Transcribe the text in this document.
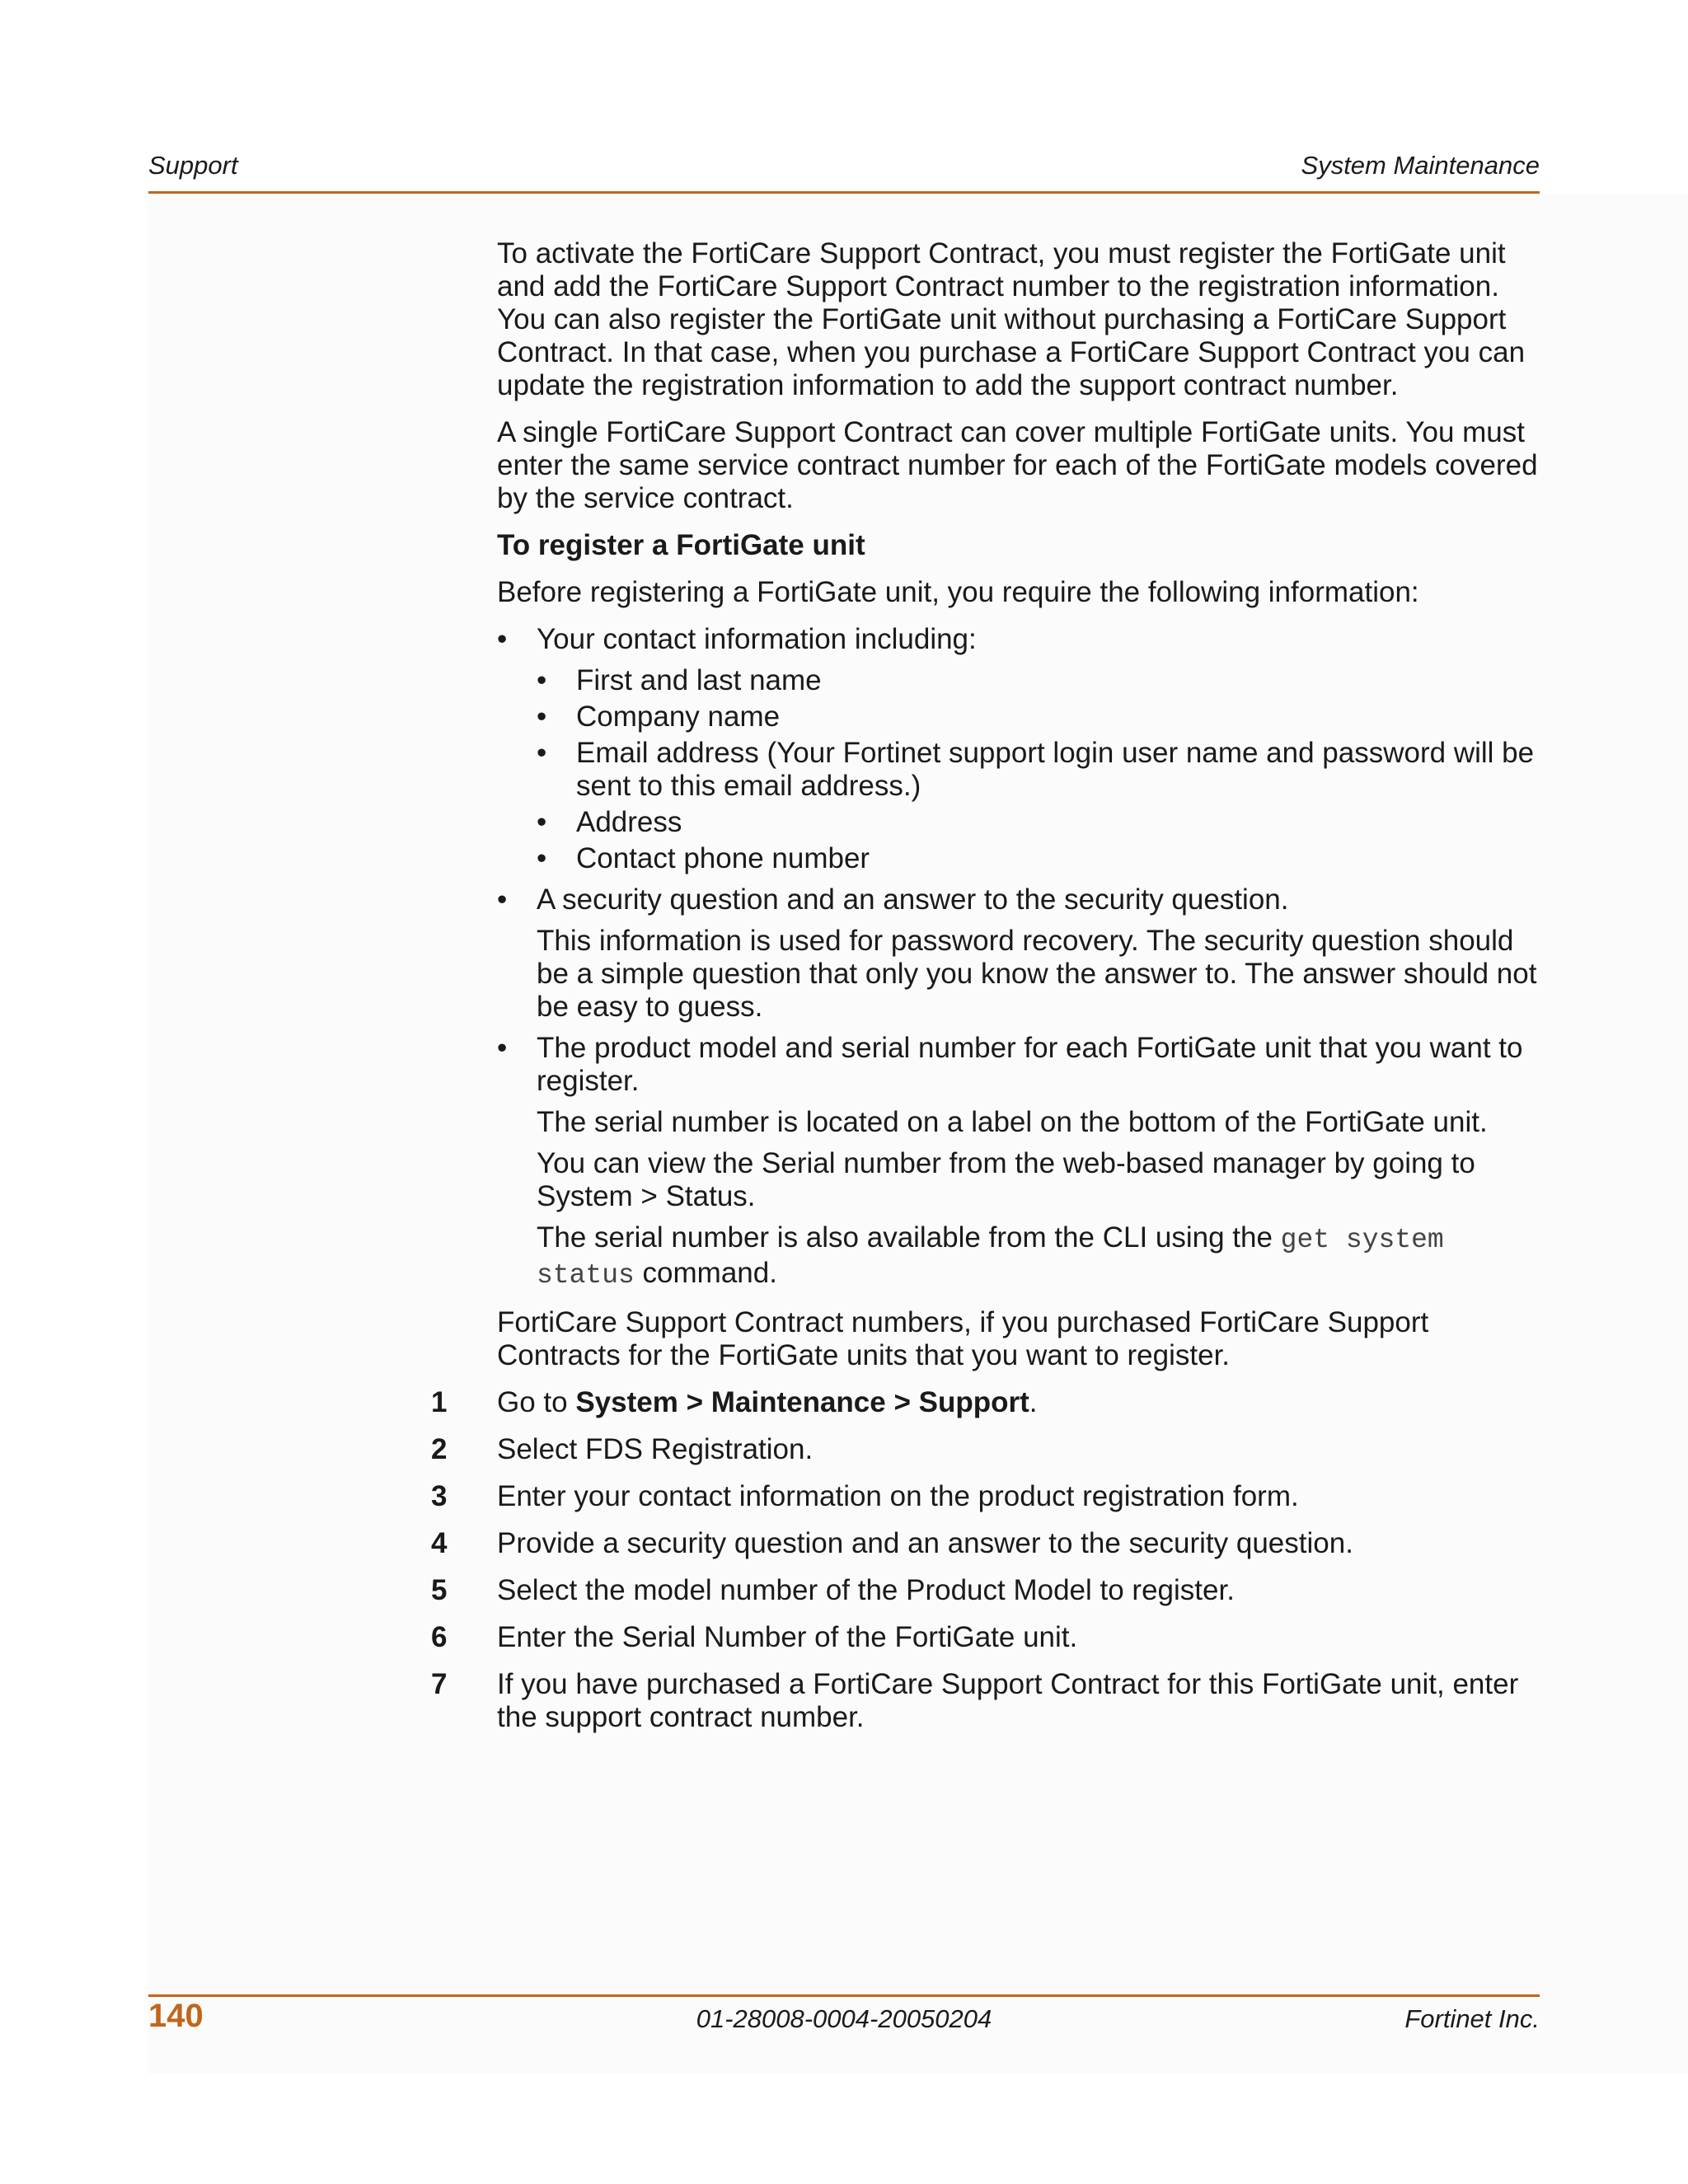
Support	System Maintenance

To activate the FortiCare Support Contract, you must register the FortiGate unit and add the FortiCare Support Contract number to the registration information. You can also register the FortiGate unit without purchasing a FortiCare Support Contract. In that case, when you purchase a FortiCare Support Contract you can update the registration information to add the support contract number.

A single FortiCare Support Contract can cover multiple FortiGate units. You must enter the same service contract number for each of the FortiGate models covered by the service contract.

To register a FortiGate unit

Before registering a FortiGate unit, you require the following information:

• Your contact information including:
• First and last name
• Company name
• Email address (Your Fortinet support login user name and password will be sent to this email address.)
• Address
• Contact phone number
• A security question and an answer to the security question.
This information is used for password recovery. The security question should be a simple question that only you know the answer to. The answer should not be easy to guess.
• The product model and serial number for each FortiGate unit that you want to register.
The serial number is located on a label on the bottom of the FortiGate unit.
You can view the Serial number from the web-based manager by going to System > Status.
The serial number is also available from the CLI using the get system status command.

FortiCare Support Contract numbers, if you purchased FortiCare Support Contracts for the FortiGate units that you want to register.

1 Go to System > Maintenance > Support.
2 Select FDS Registration.
3 Enter your contact information on the product registration form.
4 Provide a security question and an answer to the security question.
5 Select the model number of the Product Model to register.
6 Enter the Serial Number of the FortiGate unit.
7 If you have purchased a FortiCare Support Contract for this FortiGate unit, enter the support contract number.
140	01-28008-0004-20050204	Fortinet Inc.
